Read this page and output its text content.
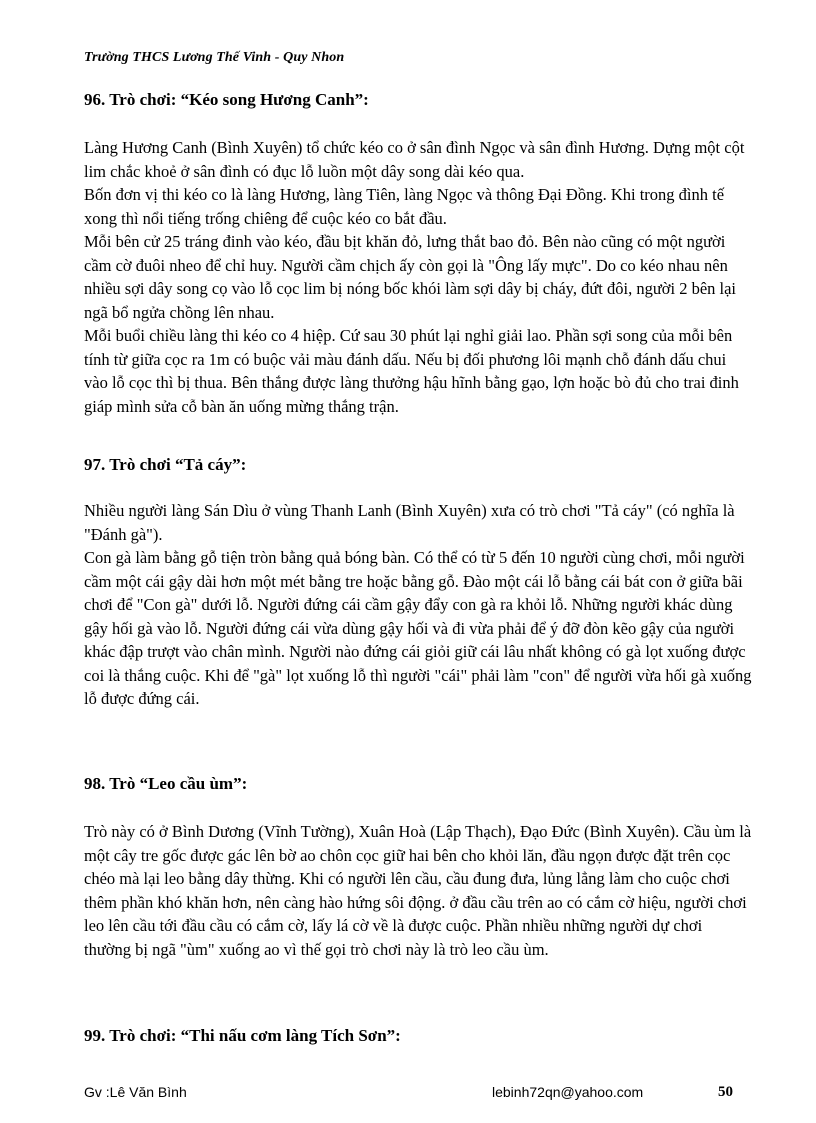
Trường THCS Lương Thế Vinh - Quy Nhon
96. Trò chơi: “Kéo song Hương Canh”:

Làng Hương Canh (Bình Xuyên) tổ chức kéo co ở sân đình Ngọc và sân đình Hương. Dựng một cột lim chắc khoẻ ở sân đình có đục lỗ luồn một dây song dài kéo qua.

Bốn đơn vị thi kéo co là làng Hương, làng Tiên, làng Ngọc và thông Đại Đồng. Khi trong đình tế xong thì nổi tiếng trống chiêng để cuộc kéo co bắt đầu.

Mỗi bên cử 25 tráng đinh vào kéo, đầu bịt khăn đỏ, lưng thắt bao đỏ. Bên nào cũng có một người cầm cờ đuôi nheo để chỉ huy. Người cầm chịch ấy còn gọi là "Ông lấy mực". Do co kéo nhau nên nhiều sợi dây song cọ vào lỗ cọc lim bị nóng bốc khói làm sợi dây bị cháy, đứt đôi, người 2 bên lại ngã bổ ngửa chồng lên nhau.

Mỗi buổi chiều làng thi kéo co 4 hiệp. Cứ sau 30 phút lại nghỉ giải lao. Phần sợi song của mỗi bên tính từ giữa cọc ra 1m có buộc vải màu đánh dấu. Nếu bị đối phương lôi mạnh chỗ đánh dấu chui vào lỗ cọc thì bị thua. Bên thắng được làng thưởng hậu hĩnh bằng gạo, lợn hoặc bò đủ cho trai đinh giáp mình sửa cỗ bàn ăn uống mừng thắng trận.

97. Trò chơi “Tả cáy”:

Nhiều người làng Sán Dìu ở vùng Thanh Lanh (Bình Xuyên) xưa có trò chơi "Tả cáy" (có nghĩa là "Đánh gà").

Con gà làm bằng gỗ tiện tròn bằng quả bóng bàn. Có thể có từ 5 đến 10 người cùng chơi, mỗi người cầm một cái gậy dài hơn một mét bằng tre hoặc bằng gỗ. Đào một cái lỗ bằng cái bát con ở giữa bãi chơi để "Con gà" dưới lỗ. Người đứng cái cầm gậy đẩy con gà ra khỏi lỗ. Những người khác dùng gậy hối gà vào lỗ. Người đứng cái vừa dùng gậy hối và đi vừa phải để ý đỡ đòn kẽo gậy của người khác đập trượt vào chân mình. Người nào đứng cái giỏi giữ cái lâu nhất không có gà lọt xuống được coi là thắng cuộc. Khi để "gà" lọt xuống lỗ thì người "cái" phải làm "con" để người vừa hối gà xuống lỗ được đứng cái.

98. Trò “Leo cầu ùm”:

Trò này có ở Bình Dương (Vĩnh Tường), Xuân Hoà (Lập Thạch), Đạo Đức (Bình Xuyên). Cầu ùm là một cây tre gốc được gác lên bờ ao chôn cọc giữ hai bên cho khỏi lăn, đầu ngọn được đặt trên cọc chéo mà lại leo bằng dây thừng. Khi có người lên cầu, cầu đung đưa, lủng lẳng làm cho cuộc chơi thêm phần khó khăn hơn, nên càng hào hứng sôi động. ở đầu cầu trên ao có cắm cờ hiệu, người chơi leo lên cầu tới đầu cầu có cắm cờ, lấy lá cờ về là được cuộc. Phần nhiều những người dự chơi thường bị ngã "ùm" xuống ao vì thế gọi trò chơi này là trò leo cầu ùm.

99. Trò chơi: “Thi nấu cơm làng Tích Sơn”:
Gv :Lê Văn Bình	lebinh72qn@yahoo.com	50
